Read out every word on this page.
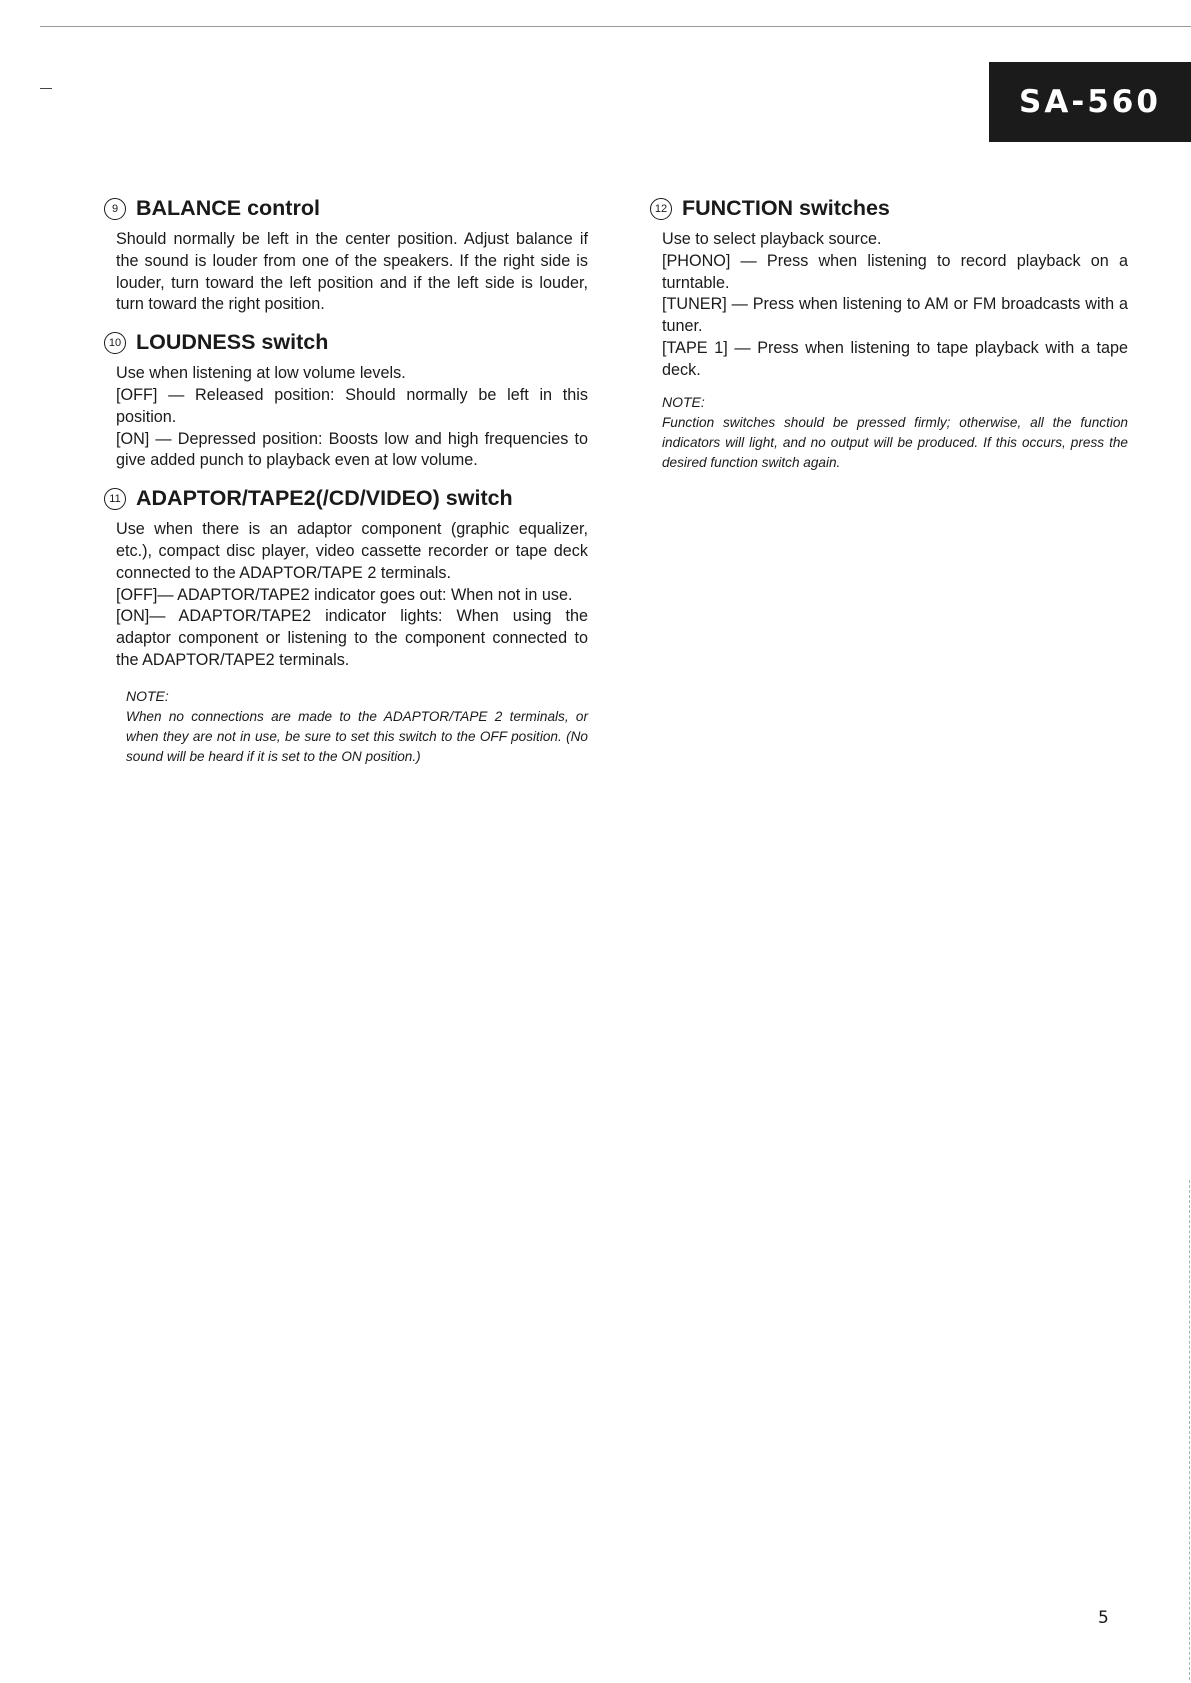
SA-560
9 BALANCE control

Should normally be left in the center position. Adjust balance if the sound is louder from one of the speakers. If the right side is louder, turn toward the left position and if the left side is louder, turn toward the right position.

10 LOUDNESS switch

Use when listening at low volume levels.

[OFF] — Released position: Should normally be left in this position.

[ON] — Depressed position: Boosts low and high frequencies to give added punch to playback even at low volume.

11 ADAPTOR/TAPE2(/CD/VIDEO) switch

Use when there is an adaptor component (graphic equalizer, etc.), compact disc player, video cassette recorder or tape deck connected to the ADAPTOR/TAPE 2 terminals.

[OFF]— ADAPTOR/TAPE2 indicator goes out: When not in use.

[ON]— ADAPTOR/TAPE2 indicator lights: When using the adaptor component or listening to the component connected to the ADAPTOR/TAPE2 terminals.

NOTE:

When no connections are made to the ADAPTOR/TAPE 2 terminals, or when they are not in use, be sure to set this switch to the OFF position. (No sound will be heard if it is set to the ON position.)

12 FUNCTION switches

Use to select playback source.

[PHONO] — Press when listening to record playback on a turntable.

[TUNER] — Press when listening to AM or FM broadcasts with a tuner.

[TAPE 1] — Press when listening to tape playback with a tape deck.

NOTE:

Function switches should be pressed firmly; otherwise, all the function indicators will light, and no output will be produced. If this occurs, press the desired function switch again.

5
